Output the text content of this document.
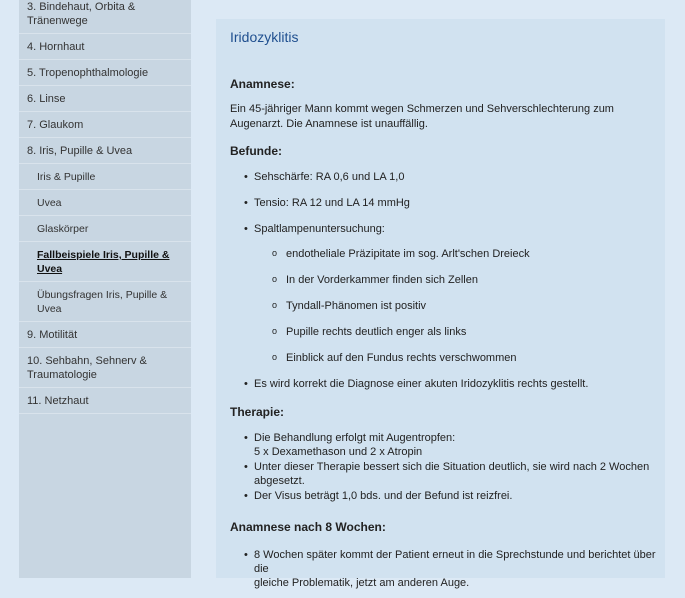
3. Bindehaut, Orbita & Tränenwege
4. Hornhaut
5. Tropenophthalmologie
6. Linse
7. Glaukom
8. Iris, Pupille & Uvea
Iris & Pupille
Uvea
Glaskörper
Fallbeispiele Iris, Pupille & Uvea
Übungsfragen Iris, Pupille & Uvea
9. Motilität
10. Sehbahn, Sehnerv & Traumatologie
11. Netzhaut
Iridozyklitis
Anamnese:

Ein 45-jähriger Mann kommt wegen Schmerzen und Sehverschlechterung zum Augenarzt. Die Anamnese ist unauffällig.

Befunde:
• Sehschärfe: RA 0,6 und LA 1,0
• Tensio: RA 12 und LA 14 mmHg
• Spaltlampenuntersuchung:
o endotheliale Präzipitate im sog. Arlt'schen Dreieck
o In der Vorderkammer finden sich Zellen
o Tyndall-Phänomen ist positiv
o Pupille rechts deutlich enger als links
o Einblick auf den Fundus rechts verschwommen
• Es wird korrekt die Diagnose einer akuten Iridozyklitis rechts gestellt.
Therapie:
• Die Behandlung erfolgt mit Augentropfen:
5 x Dexamethason und 2 x Atropin
• Unter dieser Therapie bessert sich die Situation deutlich, sie wird nach 2 Wochen abgesetzt.
• Der Visus beträgt 1,0 bds. und der Befund ist reizfrei.
Anamnese nach 8 Wochen:
• 8 Wochen später kommt der Patient erneut in die Sprechstunde und berichtet über die
gleiche Problematik, jetzt am anderen Auge.
